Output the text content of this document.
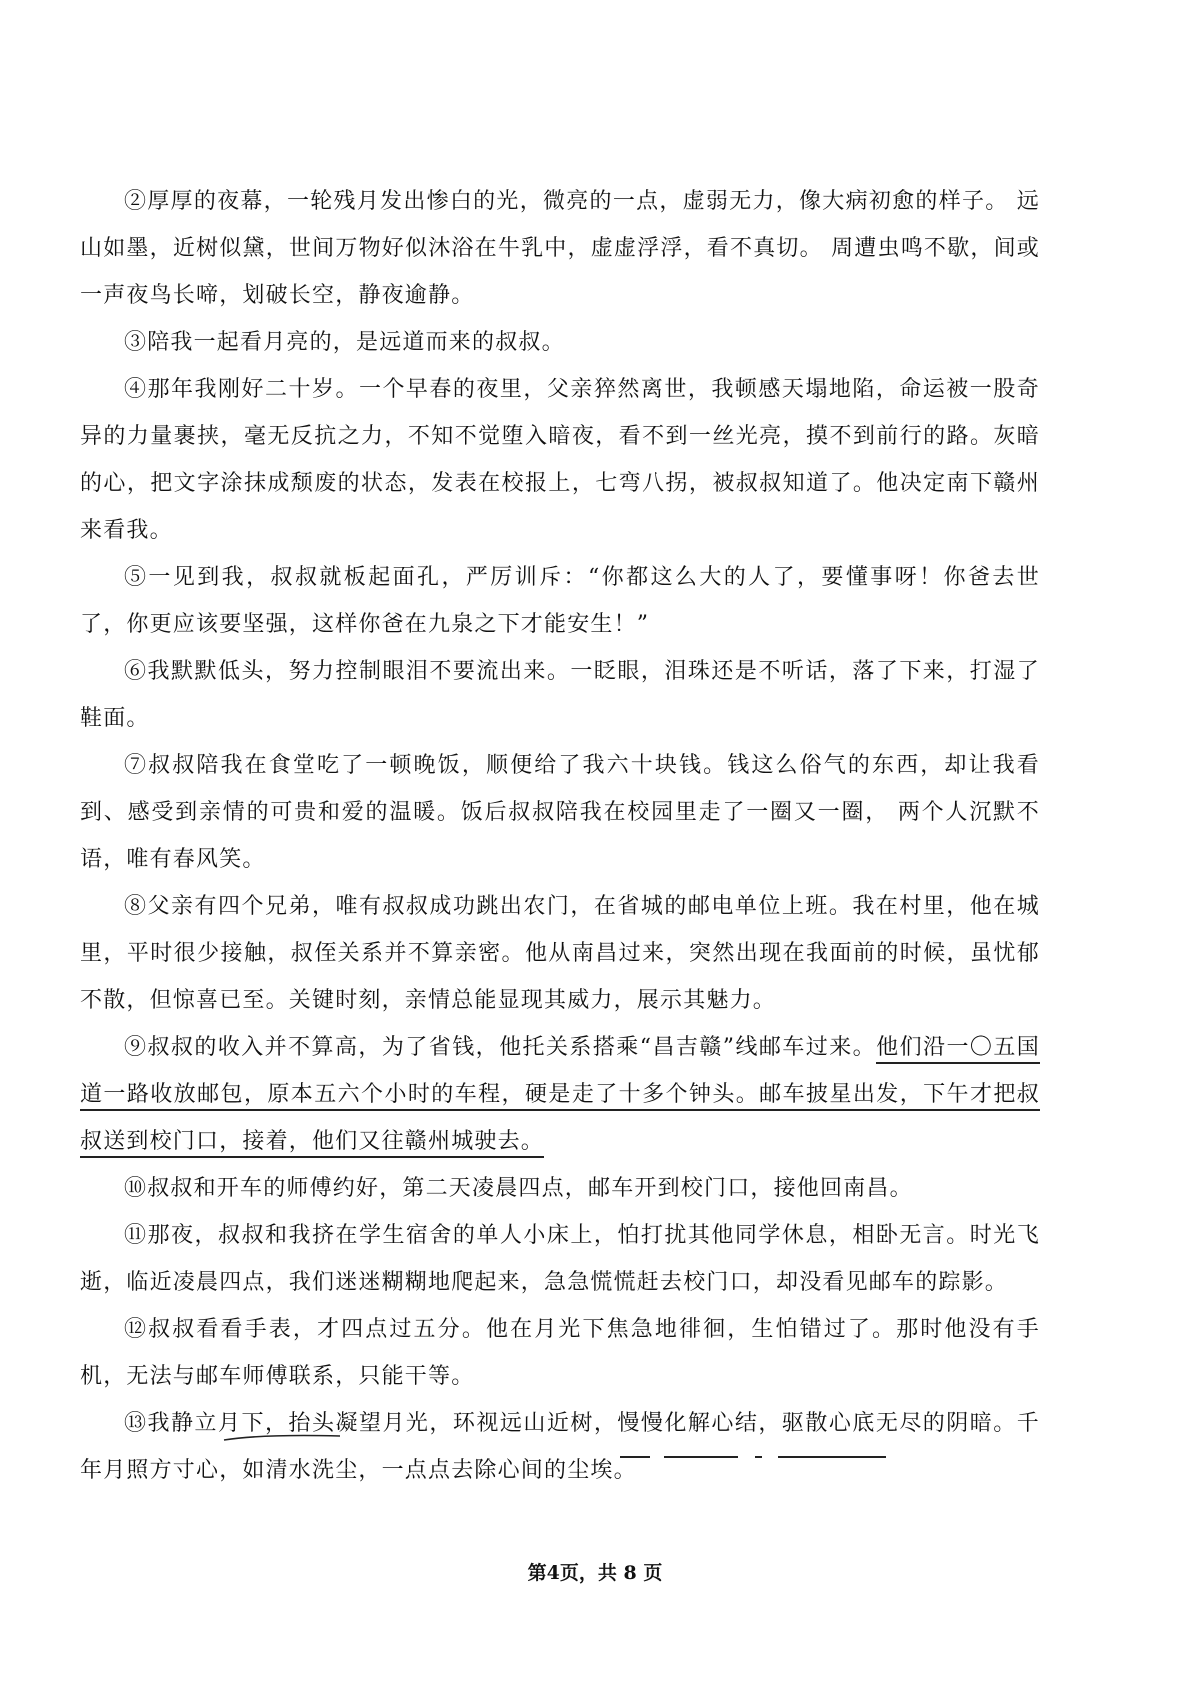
②厚厚的夜幕，一轮残月发出惨白的光，微亮的一点，虚弱无力，像大病初愈的样子。 远山如墨，近树似黛，世间万物好似沐浴在牛乳中，虚虚浮浮，看不真切。 周遭虫鸣不歇，间或一声夜鸟长啼，划破长空，静夜逾静。

③陪我一起看月亮的，是远道而来的叔叔。

④那年我刚好二十岁。一个早春的夜里，父亲猝然离世，我顿感天塌地陷，命运被一股奇异的力量裹挟，毫无反抗之力，不知不觉堕入暗夜，看不到一丝光亮，摸不到前行的路。灰暗的心，把文字涂抹成颓废的状态，发表在校报上，七弯八拐，被叔叔知道了。他决定南下赣州来看我。

⑤一见到我，叔叔就板起面孔，严厉训斥：“你都这么大的人了，要懂事呀！你爸去世了，你更应该要坚强，这样你爸在九泉之下才能安生！”

⑥我默默低头，努力控制眼泪不要流出来。一眨眼，泪珠还是不听话，落了下来，打湿了鞋面。

⑦叔叔陪我在食堂吃了一顿晚饭，顺便给了我六十块钱。钱这么俗气的东西，却让我看到、感受到亲情的可贵和爱的温暖。饭后叔叔陪我在校园里走了一圈又一圈， 两个人沉默不语，唯有春风笑。

⑧父亲有四个兄弟，唯有叔叔成功跳出农门，在省城的邮电单位上班。我在村里，他在城里，平时很少接触，叔侄关系并不算亲密。他从南昌过来，突然出现在我面前的时候，虽忧郁不散，但惊喜已至。关键时刻，亲情总能显现其威力，展示其魅力。

⑨叔叔的收入并不算高，为了省钱，他托关系搭乘“昌吉赣”线邮车过来。他们沿一〇五国道一路收放邮包，原本五六个小时的车程，硬是走了十多个钟头。邮车披星出发，下午才把叔叔送到校门口，接着，他们又往赣州城驶去。

⑩叔叔和开车的师傅约好，第二天凌晨四点，邮车开到校门口，接他回南昌。

⑪那夜，叔叔和我挤在学生宿舍的单人小床上，怕打扰其他同学休息，相卧无言。时光飞逝，临近凌晨四点，我们迷迷糊糊地爬起来，急急慌慌赶去校门口，却没看见邮车的踪影。

⑫叔叔看看手表，才四点过五分。他在月光下焦急地徘徊，生怕错过了。那时他没有手机，无法与邮车师傅联系，只能干等。

⑬我静立月下，抬头凝望月光，环视远山近树，慢慢化解心结，驱散心底无尽的阴暗。千年月照方寸心，如清水洗尘，一点点去除心间的尘埃。

第4页，共 8 页
